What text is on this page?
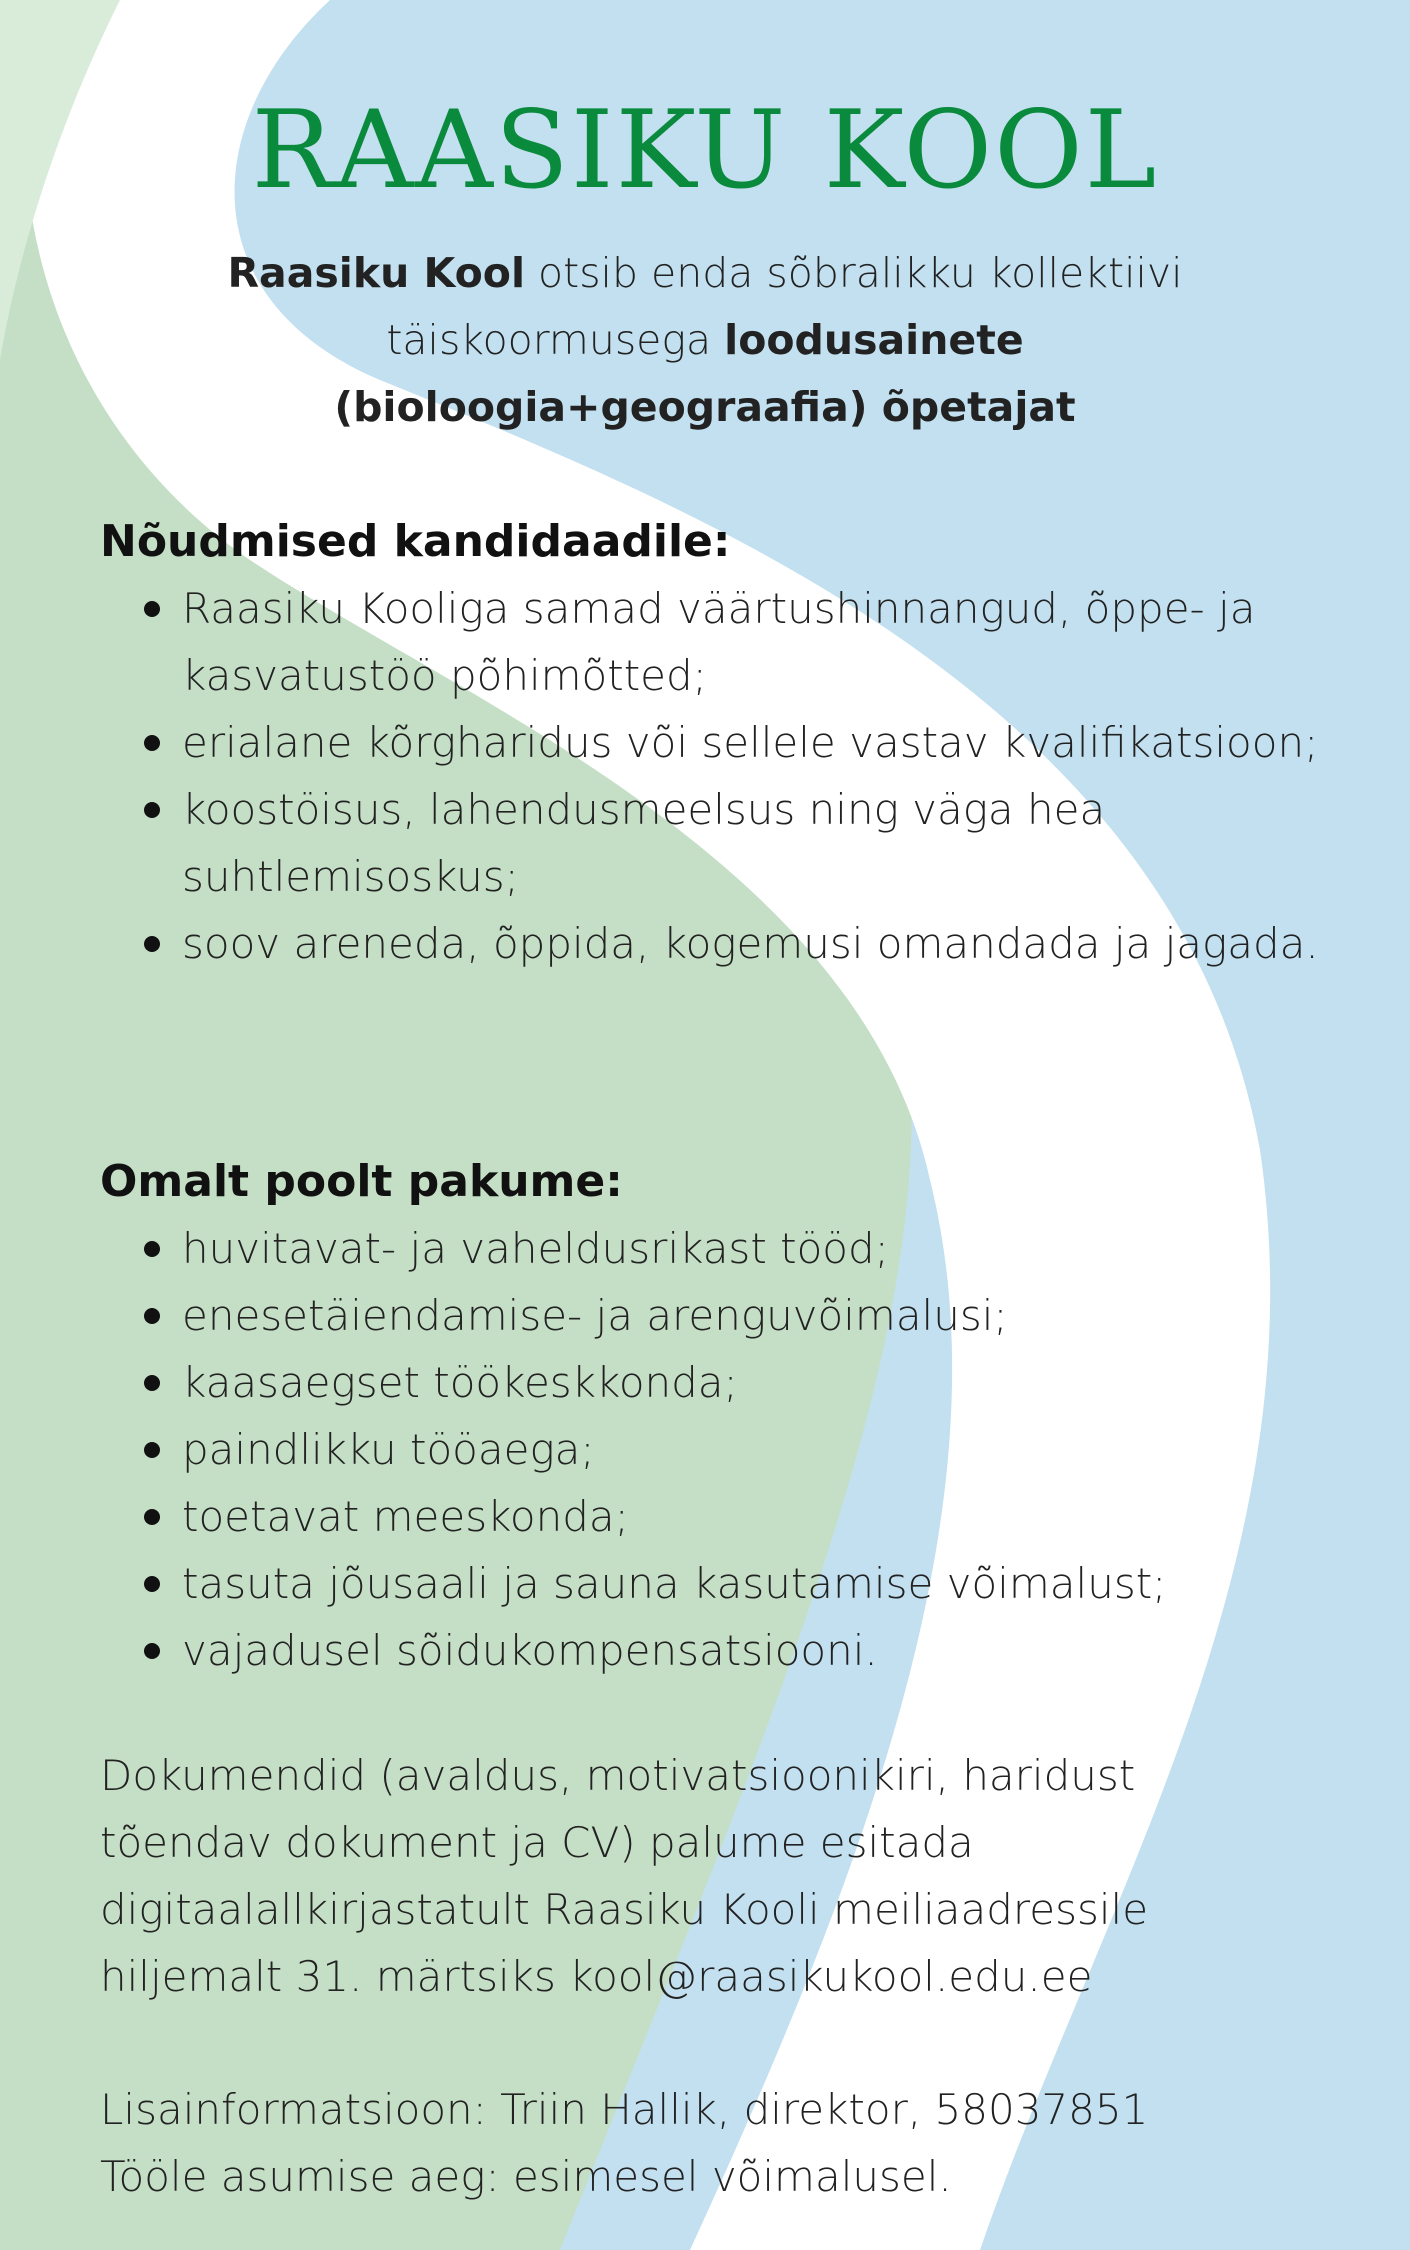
RAASIKU KOOL

Raasiku Kool otsib enda sõbralikku kollektiivi täiskoormusega loodusainete
(bioloogia+geograafia) õpetajat

Nõudmised kandidaadile:
Raasiku Kooliga samad väärtushinnangud, õppe- ja kasvatustöö põhimõtted;
erialane kõrgharidus või sellele vastav kvalifikatsioon;
koostöisus, lahendusmeelsus ning väga hea suhtlemisoskus;
soov areneda, õppida, kogemusi omandada ja jagada.
Omalt poolt pakume:
huvitavat- ja vaheldusrikast tööd;
enesetäiendamise- ja arenguvõimalusi;
kaasaegset töökeskkonda;
paindlikku tööaega;
toetavat meeskonda;
tasuta jõusaali ja sauna kasutamise võimalust;
vajadusel sõidukompensatsiooni.

Dokumendid (avaldus, motivatsioonikiri, haridust tõendav dokument ja CV) palume esitada digitaalallkirjastatult Raasiku Kooli meiliaadressile hiljemalt 31. märtsiks kool@raasikukool.edu.ee

Lisainformatsioon: Triin Hallik, direktor, 58037851

Tööle asumise aeg: esimesel võimalusel.
